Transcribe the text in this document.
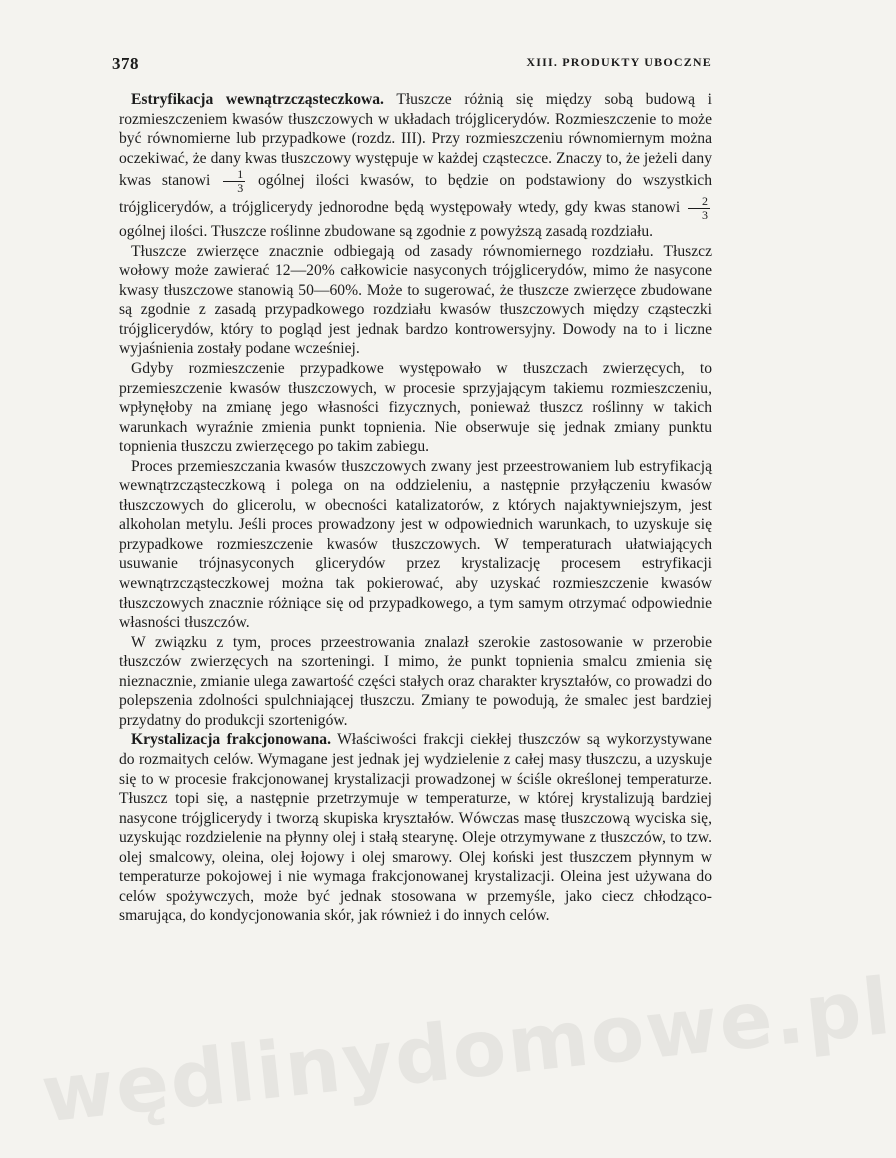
378	XIII. PRODUKTY UBOCZNE

Estryfikacja wewnątrzcząsteczkowa. Tłuszcze różnią się między sobą budową i rozmieszczeniem kwasów tłuszczowych w układach trójglicerydów. Rozmieszczenie to może być równomierne lub przypadkowe (rozdz. III). Przy rozmieszczeniu równomiernym można oczekiwać, że dany kwas tłuszczowy występuje w każdej cząsteczce. Znaczy to, że jeżeli dany kwas stanowi $\frac{1}{3}$ ogólnej ilości kwasów, to będzie on podstawiony do wszystkich trójglicerydów, a trójglicerydy jednorodne będą występowały wtedy, gdy kwas stanowi $\frac{2}{3}$
ogólnej ilości. Tłuszcze roślinne zbudowane są zgodnie z powyższą zasadą rozdziału.

Tłuszcze zwierzęce znacznie odbiegają od zasady równomiernego rozdziału. Tłuszcz wołowy może zawierać 12—20% całkowicie nasyconych trójglicerydów, mimo że nasycone kwasy tłuszczowe stanowią 50—60%. Może to sugerować, że tłuszcze zwierzęce zbudowane są zgodnie z zasadą przypadkowego rozdziału kwasów tłuszczowych między cząsteczki trójglicerydów, który to pogląd jest jednak bardzo kontrowersyjny. Dowody na to i liczne wyjaśnienia zostały podane wcześniej.

Gdyby rozmieszczenie przypadkowe występowało w tłuszczach zwierzęcych, to przemieszczenie kwasów tłuszczowych, w procesie sprzyjającym takiemu rozmieszczeniu, wpłynęłoby na zmianę jego własności fizycznych, ponieważ tłuszcz roślinny w takich warunkach wyraźnie zmienia punkt topnienia. Nie obserwuje się jednak zmiany punktu topnienia tłuszczu zwierzęcego po takim zabiegu.

Proces przemieszczania kwasów tłuszczowych zwany jest przeestrowaniem lub estryfikacją wewnątrzcząsteczkową i polega on na oddzieleniu, a następnie przyłączeniu kwasów tłuszczowych do glicerolu, w obecności katalizatorów, z których najaktywniejszym, jest alkoholan metylu. Jeśli proces prowadzony jest w odpowiednich warunkach, to uzyskuje się przypadkowe rozmieszczenie kwasów tłuszczowych. W temperaturach ułatwiających usuwanie trójnasyconych glicerydów przez krystalizację procesem estryfikacji wewnątrzcząsteczkowej można tak pokierować, aby uzyskać rozmieszczenie kwasów tłuszczowych znacznie różniące się od przypadkowego, a tym samym otrzymać odpowiednie własności tłuszczów.

W związku z tym, proces przeestrowania znalazł szerokie zastosowanie w przerobie tłuszczów zwierzęcych na szorteningi. I mimo, że punkt topnienia smalcu zmienia się nieznacznie, zmianie ulega zawartość części stałych oraz charakter kryształów, co prowadzi do polepszenia zdolności spulchniającej tłuszczu. Zmiany te powodują, że smalec jest bardziej przydatny do produkcji szortenigów.

Krystalizacja frakcjonowana. Właściwości frakcji ciekłej tłuszczów są wykorzystywane do rozmaitych celów. Wymagane jest jednak jej wydzielenie z całej masy tłuszczu, a uzyskuje się to w procesie frakcjonowanej krystalizacji prowadzonej w ściśle określonej temperaturze. Tłuszcz topi się, a następnie przetrzymuje w temperaturze, w której krystalizują bardziej nasycone trójglicerydy i tworzą skupiska kryształów. Wówczas masę tłuszczową wyciska się, uzyskując rozdzielenie na płynny olej i stałą stearynę. Oleje otrzymywane z tłuszczów, to tzw. olej smalcowy, oleina, olej łojowy i olej smarowy. Olej koński jest tłuszczem płynnym w temperaturze pokojowej i nie wymaga frakcjonowanej krystalizacji. Oleina jest używana do celów spożywczych, może być jednak stosowana w przemyśle, jako ciecz chłodząco-smarująca, do kondycjonowania skór, jak również i do innych celów.

wędlinydomowe.pl
